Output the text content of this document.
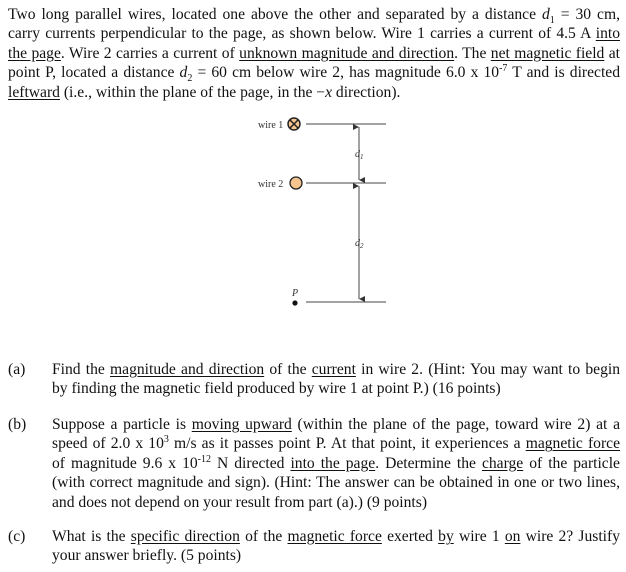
Two long parallel wires, located one above the other and separated by a distance $d_1 = 30$ cm,
carry currents perpendicular to the page, as shown below. Wire 1 carries a current of 4.5 A into
the page. Wire 2 carries a current of unknown magnitude and direction. The net magnetic field at
point P, located a distance $d_2 = 60$ cm below wire 2, has magnitude 6.0 x $10^{-7}$ T and is directed
leftward (i.e., within the plane of the page, in the −x direction).
wire 1
wire 2
$d_1$
$d_2$
P
(a) Find the magnitude and direction of the current in wire 2. (Hint: You may want to begin
by finding the magnetic field produced by wire 1 at point P.) (16 points)
(b) Suppose a particle is moving upward (within the plane of the page, toward wire 2) at a
speed of 2.0 x $10^3$ m/s as it passes point P. At that point, it experiences a magnetic force
of magnitude 9.6 x $10^{-12}$ N directed into the page. Determine the charge of the particle
(with correct magnitude and sign). (Hint: The answer can be obtained in one or two lines,
and does not depend on your result from part (a).) (9 points)
(c) What is the specific direction of the magnetic force exerted by wire 1 on wire 2? Justify
your answer briefly. (5 points)
